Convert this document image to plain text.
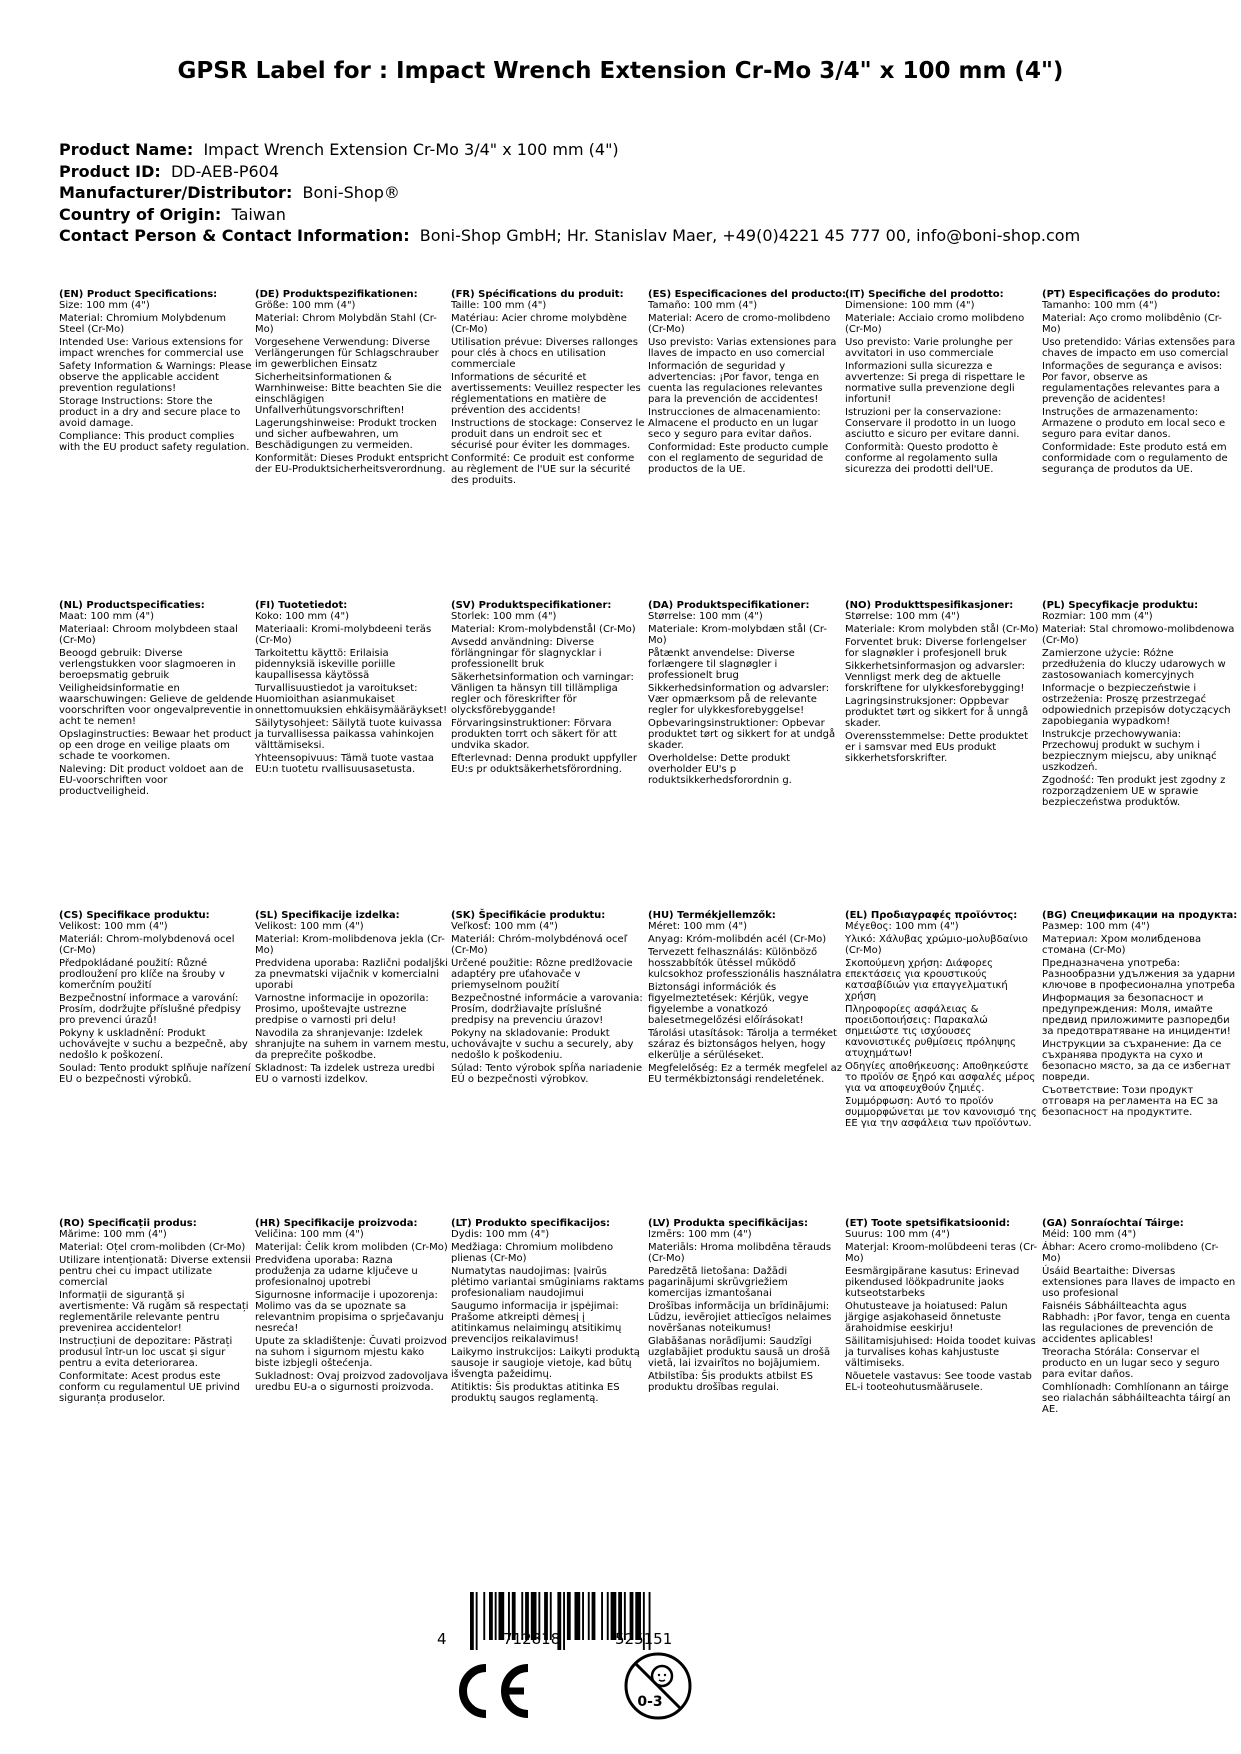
GPSR Label for : Impact Wrench Extension Cr-Mo 3/4" x 100 mm (4")
Product Name: Impact Wrench Extension Cr-Mo 3/4" x 100 mm (4")
Product ID: DD-AEB-P604
Manufacturer/Distributor: Boni-Shop®
Country of Origin: Taiwan
Contact Person & Contact Information: Boni-Shop GmbH; Hr. Stanislav Maer, +49(0)4221 45 777 00, info@boni-shop.com
(EN) Product Specifications:
Size: 100 mm (4")
Material: Chromium Molybdenum Steel (Cr-Mo)
Intended Use: Various extensions for impact wrenches for commercial use
Safety Information & Warnings: Please observe the applicable accident prevention regulations!
Storage Instructions: Store the product in a dry and secure place to avoid damage.
Compliance: This product complies with the EU product safety regulation.
(DE) Produktspezifikationen:
Größe: 100 mm (4")
Material: Chrom Molybdän Stahl (Cr-Mo)
Vorgesehene Verwendung: Diverse Verlängerungen für Schlagschrauber im gewerblichen Einsatz
Sicherheitsinformationen & Warnhinweise: Bitte beachten Sie die einschlägigen Unfallverhütungsvorschriften!
Lagerungshinweise: Produkt trocken und sicher aufbewahren, um Beschädigungen zu vermeiden.
Konformität: Dieses Produkt entspricht der EU-Produktsicherheitsverordnung.
(FR) Spécifications du produit:
Taille: 100 mm (4")
Matériau: Acier chrome molybdène (Cr-Mo)
Utilisation prévue: Diverses rallonges pour clés à chocs en utilisation commerciale
Informations de sécurité et avertissements: Veuillez respecter les réglementations en matière de prévention des accidents!
Instructions de stockage: Conservez le produit dans un endroit sec et sécurisé pour éviter les dommages.
Conformité: Ce produit est conforme au règlement de l'UE sur la sécurité des produits.
(ES) Especificaciones del producto:
Tamaño: 100 mm (4")
Material: Acero de cromo-molibdeno (Cr-Mo)
Uso previsto: Varias extensiones para llaves de impacto en uso comercial
Información de seguridad y advertencias: ¡Por favor, tenga en cuenta las regulaciones relevantes para la prevención de accidentes!
Instrucciones de almacenamiento: Almacene el producto en un lugar seco y seguro para evitar daños.
Conformidad: Este producto cumple con el reglamento de seguridad de productos de la UE.
(IT) Specifiche del prodotto:
Dimensione: 100 mm (4")
Materiale: Acciaio cromo molibdeno (Cr-Mo)
Uso previsto: Varie prolunghe per avvitatori in uso commerciale
Informazioni sulla sicurezza e avvertenze: Si prega di rispettare le normative sulla prevenzione degli infortuni!
Istruzioni per la conservazione: Conservare il prodotto in un luogo asciutto e sicuro per evitare danni.
Conformità: Questo prodotto è conforme al regolamento sulla sicurezza dei prodotti dell'UE.
(PT) Especificações do produto:
Tamanho: 100 mm (4")
Material: Aço cromo molibdênio (Cr-Mo)
Uso pretendido: Várias extensões para chaves de impacto em uso comercial
Informações de segurança e avisos: Por favor, observe as regulamentações relevantes para a prevenção de acidentes!
Instruções de armazenamento: Armazene o produto em local seco e seguro para evitar danos.
Conformidade: Este produto está em conformidade com o regulamento de segurança de produtos da UE.
(NL) Productspecificaties:
Maat: 100 mm (4")
Materiaal: Chroom molybdeen staal (Cr-Mo)
Beoogd gebruik: Diverse verlengstukken voor slagmoeren in beroepsmatig gebruik
Veiligheidsinformatie en waarschuwingen: Gelieve de geldende voorschriften voor ongevalpreventie in acht te nemen!
Opslaginstructies: Bewaar het product op een droge en veilige plaats om schade te voorkomen.
Naleving: Dit product voldoet aan de EU-voorschriften voor productveiligheid.
(FI) Tuotetiedot:
Koko: 100 mm (4")
Materiaali: Kromi-molybdeeni teräs (Cr-Mo)
Tarkoitettu käyttö: Erilaisia pidennyksiä iskeville poriille kaupallisessa käytössä
Turvallisuustiedot ja varoitukset: Huomioithan asianmukaiset onnettomuuksien ehkäisymääräykset!
Säilytysohjeet: Säilytä tuote kuivassa ja turvallisessa paikassa vahinkojen välttämiseksi.
Yhteensopivuus: Tämä tuote vastaa EU:n tuotetu rvallisuusasetusta.
(SV) Produktspecifikationer:
Storlek: 100 mm (4")
Material: Krom-molybdenstål (Cr-Mo)
Avsedd användning: Diverse förlängningar för slagnycklar i professionellt bruk
Säkerhetsinformation och varningar: Vänligen ta hänsyn till tillämpliga regler och föreskrifter för olycksförebyggande!
Förvaringsinstruktioner: Förvara produkten torrt och säkert för att undvika skador.
Efterlevnad: Denna produkt uppfyller EU:s pr oduktsäkerhetsförordning.
(DA) Produktspecifikationer:
Størrelse: 100 mm (4")
Materiale: Krom-molybdæn stål (Cr-Mo)
Påtænkt anvendelse: Diverse forlængere til slagnøgler i professionelt brug
Sikkerhedsinformation og advarsler: Vær opmærksom på de relevante regler for ulykkesforebyggelse!
Opbevaringsinstruktioner: Opbevar produktet tørt og sikkert for at undgå skader.
Overholdelse: Dette produkt overholder EU's p roduktsikkerhedsforordnin g.
(NO) Produkttspesifikasjoner:
Størrelse: 100 mm (4")
Materiale: Krom molybden stål (Cr-Mo)
Forventet bruk: Diverse forlengelser for slagnøkler i profesjonell bruk
Sikkerhetsinformasjon og advarsler: Vennligst merk deg de aktuelle forskriftene for ulykkesforebygging!
Lagringsinstruksjoner: Oppbevar produktet tørt og sikkert for å unngå skader.
Overensstemmelse: Dette produktet er i samsvar med EUs produkt sikkerhetsforskrifter.
(PL) Specyfikacje produktu:
Rozmiar: 100 mm (4")
Materiał: Stal chromowo-molibdenowa (Cr-Mo)
Zamierzone użycie: Różne przedłużenia do kluczy udarowych w zastosowaniach komercyjnych
Informacje o bezpieczeństwie i ostrzeżenia: Proszę przestrzegać odpowiednich przepisów dotyczących zapobiegania wypadkom!
Instrukcje przechowywania: Przechowuj produkt w suchym i bezpiecznym miejscu, aby uniknąć uszkodzeń.
Zgodność: Ten produkt jest zgodny z rozporządzeniem UE w sprawie bezpieczeństwa produktów.
(CS) Specifikace produktu:
Velikost: 100 mm (4")
Materiál: Chrom-molybdenová ocel (Cr-Mo)
Předpokládané použití: Různé prodloužení pro klíče na šrouby v komerčním použití
Bezpečnostní informace a varování: Prosím, dodržujte příslušné předpisy pro prevenci úrazů!
Pokyny k uskladnění: Produkt uchovávejte v suchu a bezpečně, aby nedošlo k poškození.
Soulad: Tento produkt splňuje nařízení EU o bezpečnosti výrobků.
(SL) Specifikacije izdelka:
Velikost: 100 mm (4")
Material: Krom-molibdenova jekla (Cr-Mo)
Predvidena uporaba: Različni podaljški za pnevmatski vijačnik v komercialni uporabi
Varnostne informacije in opozorila: Prosimo, upoštevajte ustrezne predpise o varnosti pri delu!
Navodila za shranjevanje: Izdelek shranjujte na suhem in varnem mestu, da preprečite poškodbe.
Skladnost: Ta izdelek ustreza uredbi EU o varnosti izdelkov.
(SK) Špecifikácie produktu:
Veľkosť: 100 mm (4")
Materiál: Chróm-molybdénová oceľ (Cr-Mo)
Určené použitie: Rôzne predlžovacie adaptéry pre uťahovače v priemyselnom použití
Bezpečnostné informácie a varovania: Prosím, dodržiavajte príslušné predpisy na prevenciu úrazov!
Pokyny na skladovanie: Produkt uchovávajte v suchu a securely, aby nedošlo k poškodeniu.
Súlad: Tento výrobok spĺňa nariadenie EÚ o bezpečnosti výrobkov.
(HU) Termékjellemzők:
Méret: 100 mm (4")
Anyag: Króm-molibdén acél (Cr-Mo)
Tervezett felhasználás: Különböző hosszabbítók ütéssel működő kulcsokhoz professzionális használatra
Biztonsági információk és figyelmeztetések: Kérjük, vegye figyelembe a vonatkozó balesetmegelőzési előírásokat!
Tárolási utasítások: Tárolja a terméket száraz és biztonságos helyen, hogy elkerülje a sérüléseket.
Megfelelőség: Ez a termék megfelel az EU termékbiztonsági rendeletének.
(EL) Προδιαγραφές προϊόντος:
Μέγεθος: 100 mm (4")
Υλικό: Χάλυβας χρώμιο-μολυβδαίνιο (Cr-Mo)
Σκοπούμενη χρήση: Διάφορες επεκτάσεις για κρουστικούς κατσαβίδιών για επαγγελματική χρήση
Πληροφορίες ασφάλειας & προειδοποιήσεις: Παρακαλώ σημειώστε τις ισχύουσες κανονιστικές ρυθμίσεις πρόληψης ατυχημάτων!
Οδηγίες αποθήκευσης: Αποθηκεύστε το προϊόν σε ξηρό και ασφαλές μέρος για να αποφευχθούν ζημιές.
Συμμόρφωση: Αυτό το προϊόν συμμορφώνεται με τον κανονισμό της ΕΕ για την ασφάλεια των προϊόντων.
(BG) Спецификации на продукта:
Размер: 100 mm (4")
Материал: Хром молибденова стомана (Cr-Mo)
Предназначена употреба: Разнообразни удължения за ударни ключове в професионална употреба
Информация за безопасност и предупреждения: Моля, имайте предвид приложимите разпоредби за предотвратяване на инциденти!
Инструкции за съхранение: Да се съхранява продукта на сухо и безопасно място, за да се избегнат повреди.
Съответствие: Този продукт отговаря на регламента на ЕС за безопасност на продуктите.
(RO) Specificații produs:
Mărime: 100 mm (4")
Material: Oțel crom-molibden (Cr-Mo)
Utilizare intenționată: Diverse extensii pentru chei cu impact utilizate comercial
Informații de siguranță și avertismente: Vă rugăm să respectați reglementările relevante pentru prevenirea accidentelor!
Instrucțiuni de depozitare: Păstrați produsul într-un loc uscat și sigur pentru a evita deteriorarea.
Conformitate: Acest produs este conform cu regulamentul UE privind siguranța produselor.
(HR) Specifikacije proizvoda:
Veličina: 100 mm (4")
Materijal: Čelik krom molibden (Cr-Mo)
Predviđena uporaba: Razna produženja za udarne ključeve u profesionalnoj upotrebi
Sigurnosne informacije i upozorenja: Molimo vas da se upoznate sa relevantnim propisima o sprječavanju nesreća!
Upute za skladištenje: Čuvati proizvod na suhom i sigurnom mjestu kako biste izbjegli oštećenja.
Sukladnost: Ovaj proizvod zadovoljava uredbu EU-a o sigurnosti proizvoda.
(LT) Produkto specifikacijos:
Dydis: 100 mm (4")
Medžiaga: Chromium molibdeno plienas (Cr-Mo)
Numatytas naudojimas: Įvairūs plėtimo variantai smūginiams raktams profesionaliam naudojimui
Saugumo informacija ir įspėjimai: Prašome atkreipti dėmesį į atitinkamus nelaimingų atsitikimų prevencijos reikalavimus!
Laikymo instrukcijos: Laikyti produktą sausoje ir saugioje vietoje, kad būtų išvengta pažeidimų.
Atitiktis: Šis produktas atitinka ES produktų saugos reglamentą.
(LV) Produkta specifikācijas:
Izmērs: 100 mm (4")
Materiāls: Hroma molibdēna tērauds (Cr-Mo)
Paredzētā lietošana: Dažādi pagarinājumi skrūvgriežiem komercijas izmantošanai
Drošības informācija un brīdinājumi: Lūdzu, ievērojiet attiecīgos nelaimes novēršanas noteikumus!
Glabāšanas norādījumi: Saudzīgi uzglabājiet produktu sausā un drošā vietā, lai izvairītos no bojājumiem.
Atbilstība: Šis produkts atbilst ES produktu drošības regulai.
(ET) Toote spetsifikatsioonid:
Suurus: 100 mm (4")
Materjal: Kroom-molübdeeni teras (Cr-Mo)
Eesmärgipärane kasutus: Erinevad pikendused löökpadrunite jaoks kutseotstarbeks
Ohutusteave ja hoiatused: Palun järgige asjakohaseid õnnetuste ärahoidmise eeskirju!
Säilitamisjuhised: Hoida toodet kuivas ja turvalises kohas kahjustuste vältimiseks.
Nõuetele vastavus: See toode vastab EL-i tooteohutusmääruseIe.
(GA) Sonraíochtaí Táirge:
Méid: 100 mm (4")
Ábhar: Acero cromo-molibdeno (Cr-Mo)
Úsáid Beartaithe: Diversas extensiones para llaves de impacto en uso profesional
Faisnéis Sábháilteachta agus Rabhadh: ¡Por favor, tenga en cuenta las regulaciones de prevención de accidentes aplicables!
Treoracha Stórála: Conservar el producto en un lugar seco y seguro para evitar daños.
Comhlíonadh: Comhlíonann an táirge seo rialachán sábháilteachta táirgí an AE.
4	712818	525151
0-3
